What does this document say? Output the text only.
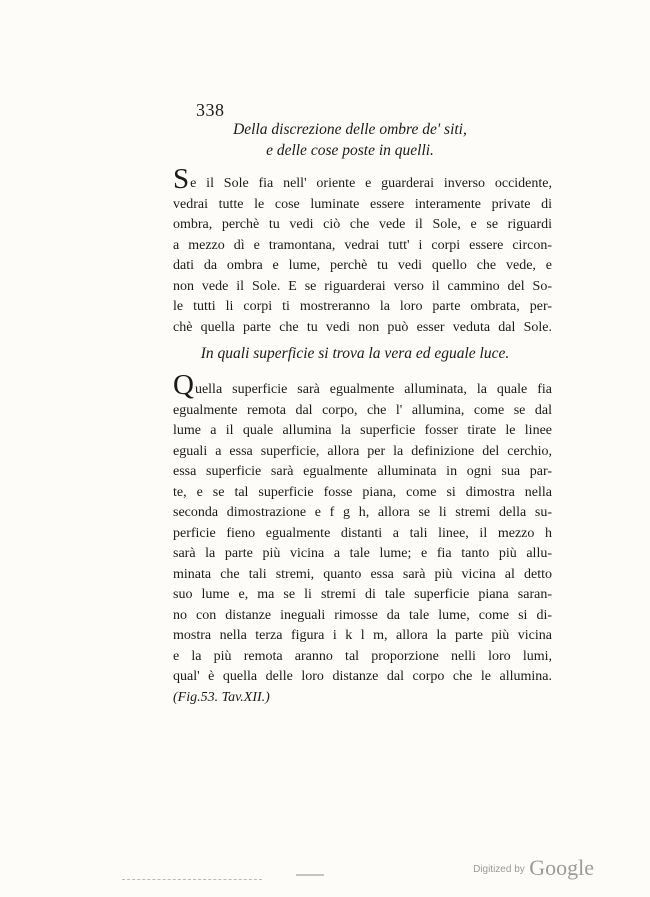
338
Della discrezione delle ombre de' siti,
e delle cose poste in quelli.
Se il Sole fia nell' oriente e guarderai inverso occidente,
vedrai tutte le cose luminate essere interamente private di
ombra, perchè tu vedi ciò che vede il Sole, e se riguardi
a mezzo dì e tramontana, vedrai tutt' i corpi essere circon-
dati da ombra e lume, perchè tu vedi quello che vede, e
non vede il Sole. E se riguarderai verso il cammino del So-
le tutti li corpi ti mostreranno la loro parte ombrata, per-
chè quella parte che tu vedi non può esser veduta dal Sole.
In quali superficie si trova la vera ed eguale luce.
Quella superficie sarà egualmente alluminata, la quale fia
egualmente remota dal corpo, che l' allumina, come se dal
lume a il quale allumina la superficie fosser tirate le linee
eguali a essa superficie, allora per la definizione del cerchio,
essa superficie sarà egualmente alluminata in ogni sua par-
te, e se tal superficie fosse piana, come si dimostra nella
seconda dimostrazione e f g h, allora se li stremi della su-
perficie fieno egualmente distanti a tali linee, il mezzo h
sarà la parte più vicina a tale lume; e fia tanto più allu-
minata che tali stremi, quanto essa sarà più vicina al detto
suo lume e, ma se li stremi di tale superficie piana saran-
no con distanze ineguali rimosse da tale lume, come si di-
mostra nella terza figura i k l m, allora la parte più vicina
e la più remota aranno tal proporzione nelli loro lumi,
qual' è quella delle loro distanze dal corpo che le allumina.
(Fig.53. Tav.XII.)
Digitized by Google
